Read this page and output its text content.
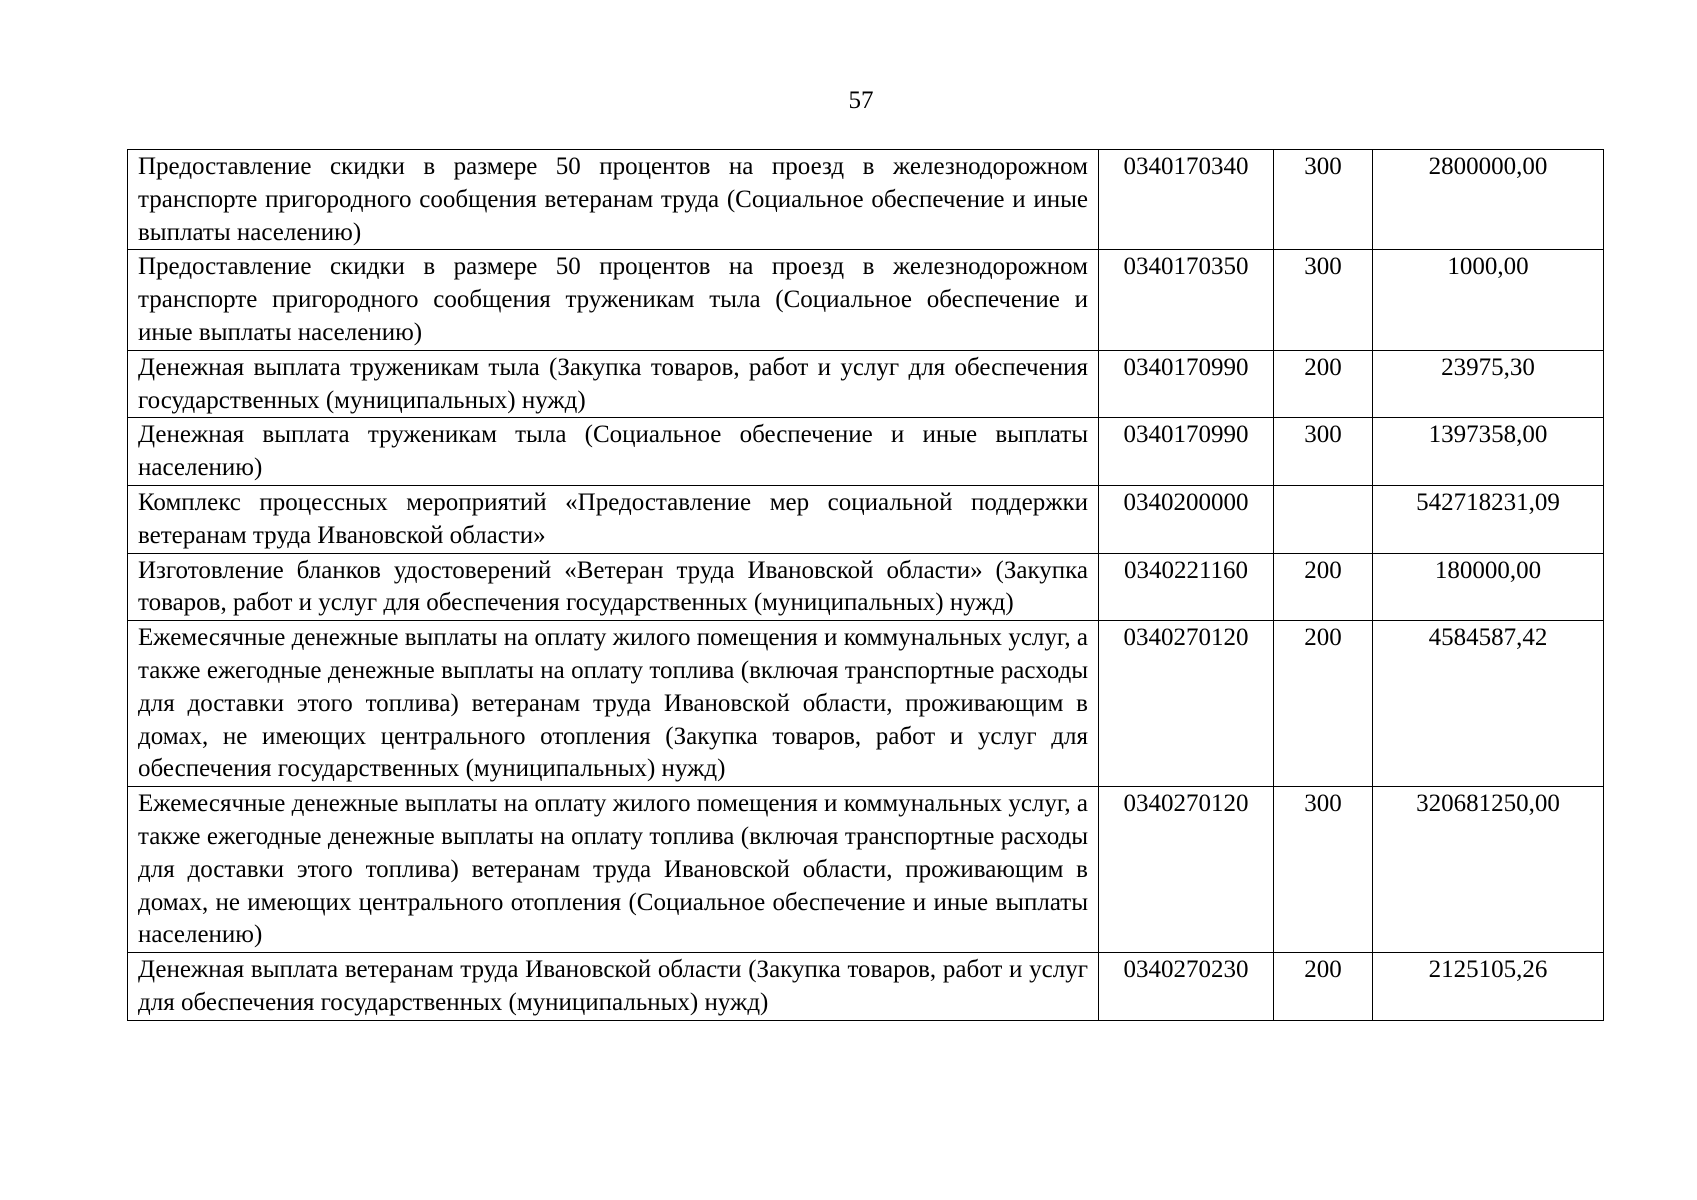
57
Предоставление скидки в размере 50 процентов на проезд в железнодорожном транспорте пригородного сообщения ветеранам труда (Социальное обеспечение и иные выплаты населению)	0340170340	300	2800000,00
Предоставление скидки в размере 50 процентов на проезд в железнодорожном транспорте пригородного сообщения труженикам тыла (Социальное обеспечение и иные выплаты населению)	0340170350	300	1000,00
Денежная выплата труженикам тыла (Закупка товаров, работ и услуг для обеспечения государственных (муниципальных) нужд)	0340170990	200	23975,30
Денежная выплата труженикам тыла (Социальное обеспечение и иные выплаты населению)	0340170990	300	1397358,00
Комплекс процессных мероприятий «Предоставление мер социальной поддержки ветеранам труда Ивановской области»	0340200000		542718231,09
Изготовление бланков удостоверений «Ветеран труда Ивановской области» (Закупка товаров, работ и услуг для обеспечения государственных (муниципальных) нужд)	0340221160	200	180000,00
Ежемесячные денежные выплаты на оплату жилого помещения и коммунальных услуг, а также ежегодные денежные выплаты на оплату топлива (включая транспортные расходы для доставки этого топлива) ветеранам труда Ивановской области, проживающим в домах, не имеющих центрального отопления (Закупка товаров, работ и услуг для обеспечения государственных (муниципальных) нужд)	0340270120	200	4584587,42
Ежемесячные денежные выплаты на оплату жилого помещения и коммунальных услуг, а также ежегодные денежные выплаты на оплату топлива (включая транспортные расходы для доставки этого топлива) ветеранам труда Ивановской области, проживающим в домах, не имеющих центрального отопления (Социальное обеспечение и иные выплаты населению)	0340270120	300	320681250,00
Денежная выплата ветеранам труда Ивановской области (Закупка товаров, работ и услуг для обеспечения государственных (муниципальных) нужд)	0340270230	200	2125105,26
